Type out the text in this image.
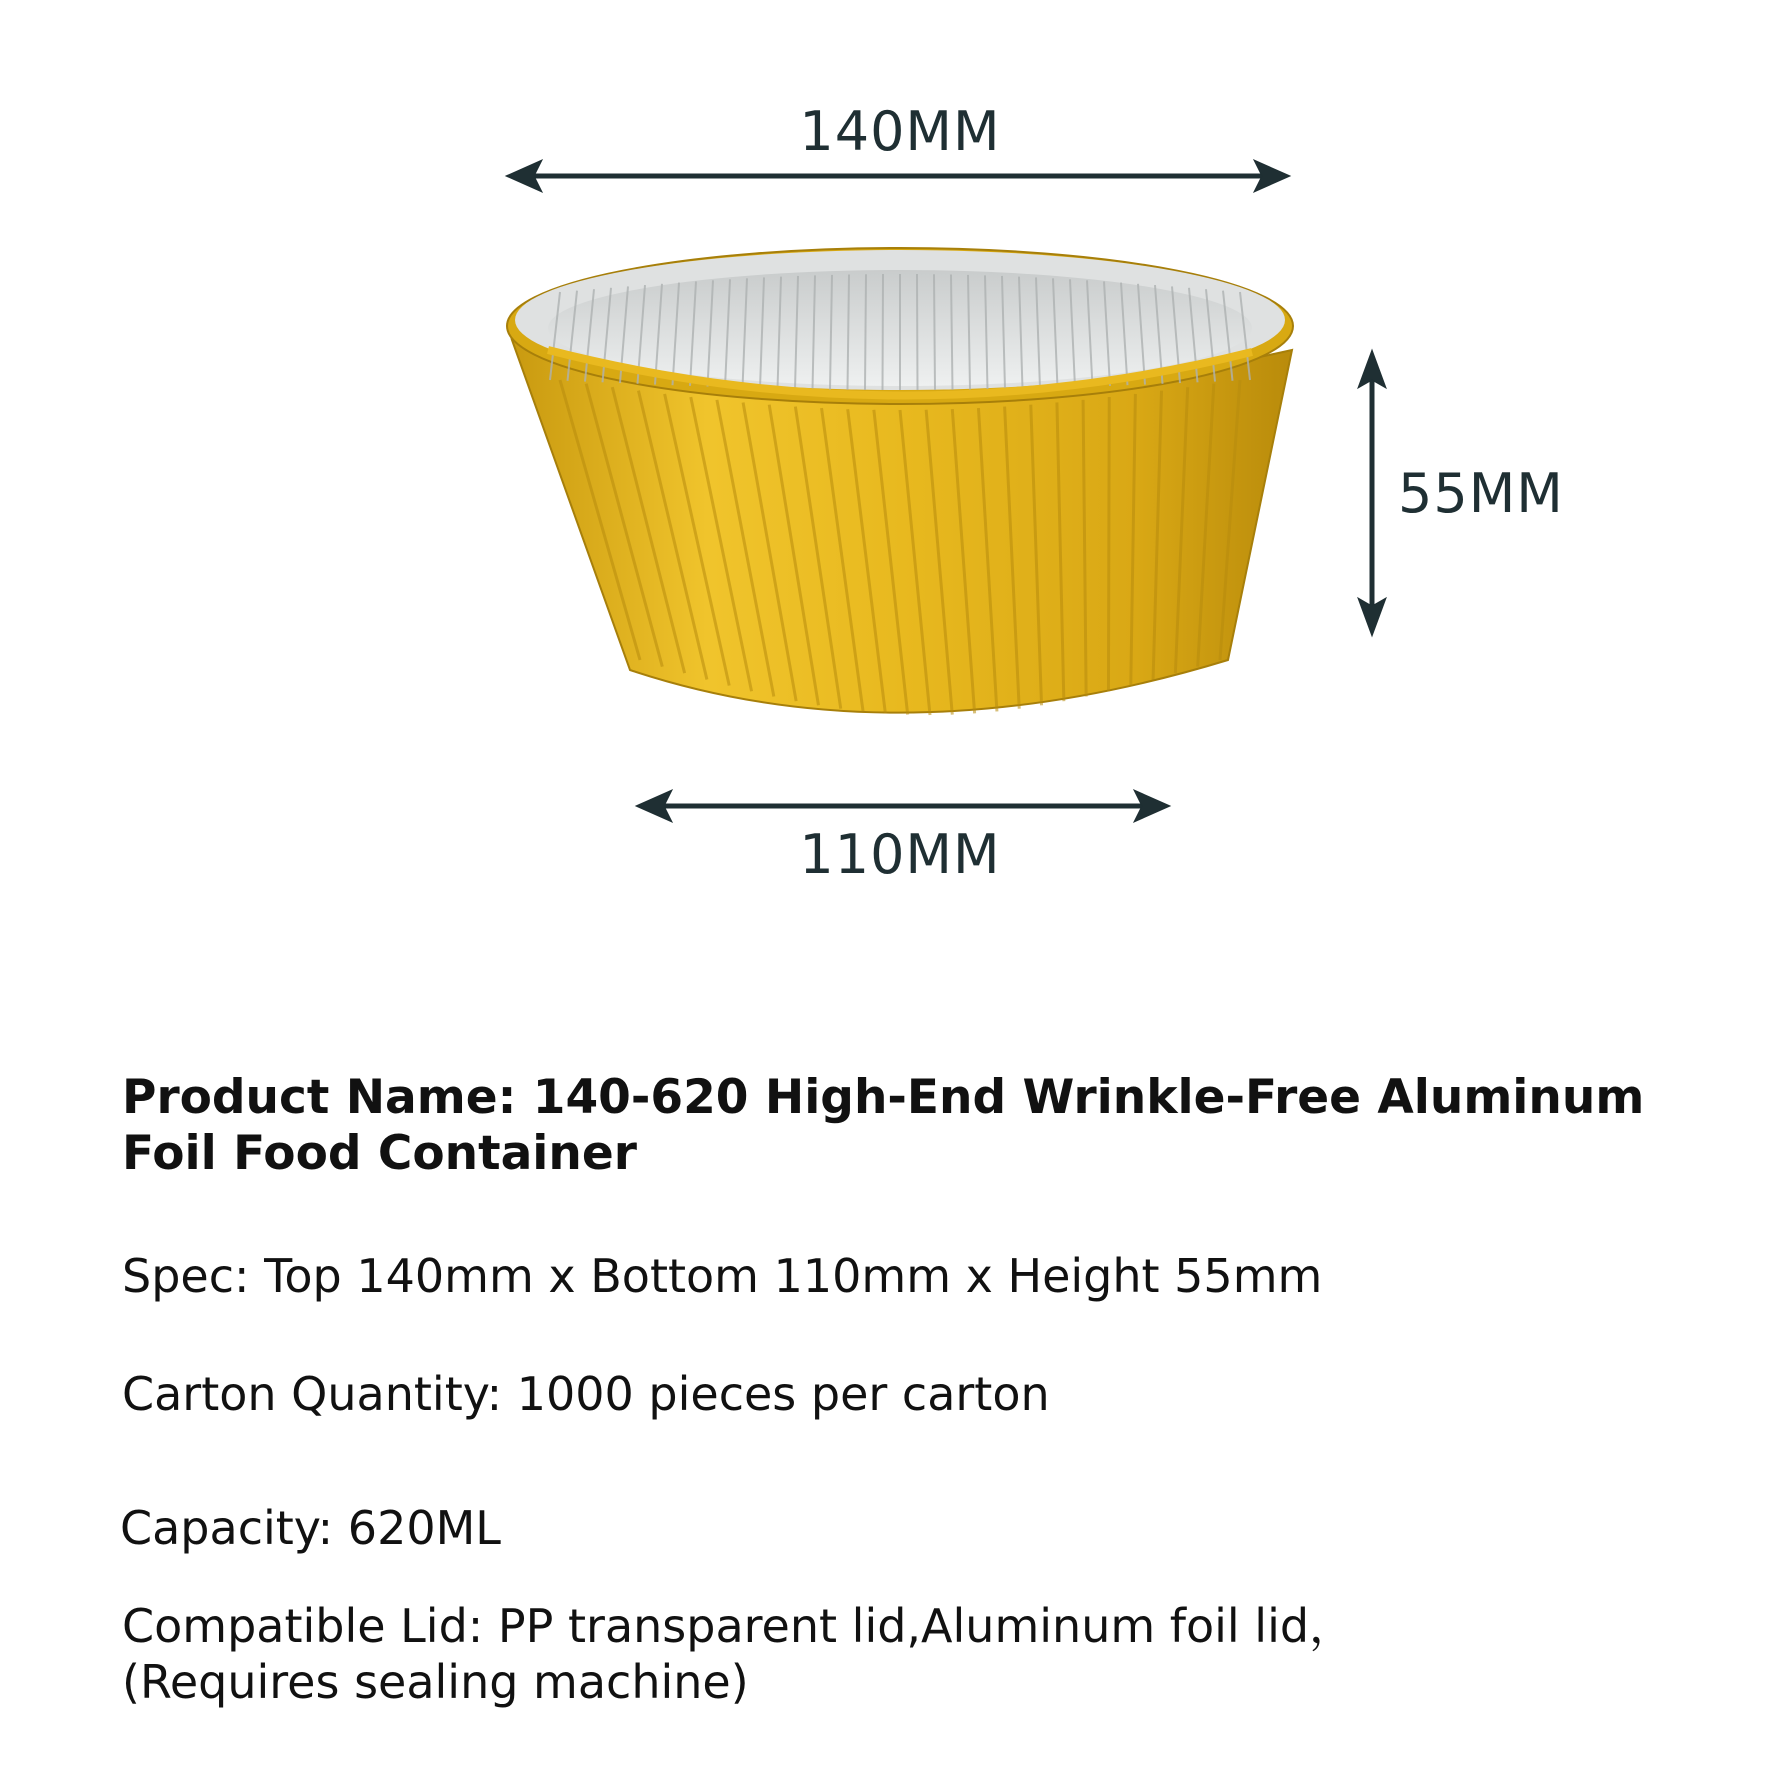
140MM
55MM
110MM
Product Name: 140-620 High-End Wrinkle-Free Aluminum Foil Food Container
Spec: Top 140mm x Bottom 110mm x Height 55mm
Carton Quantity: 1000 pieces per carton
Capacity: 620ML
Compatible Lid: PP transparent lid,Aluminum foil lid，(Requires sealing machine)
